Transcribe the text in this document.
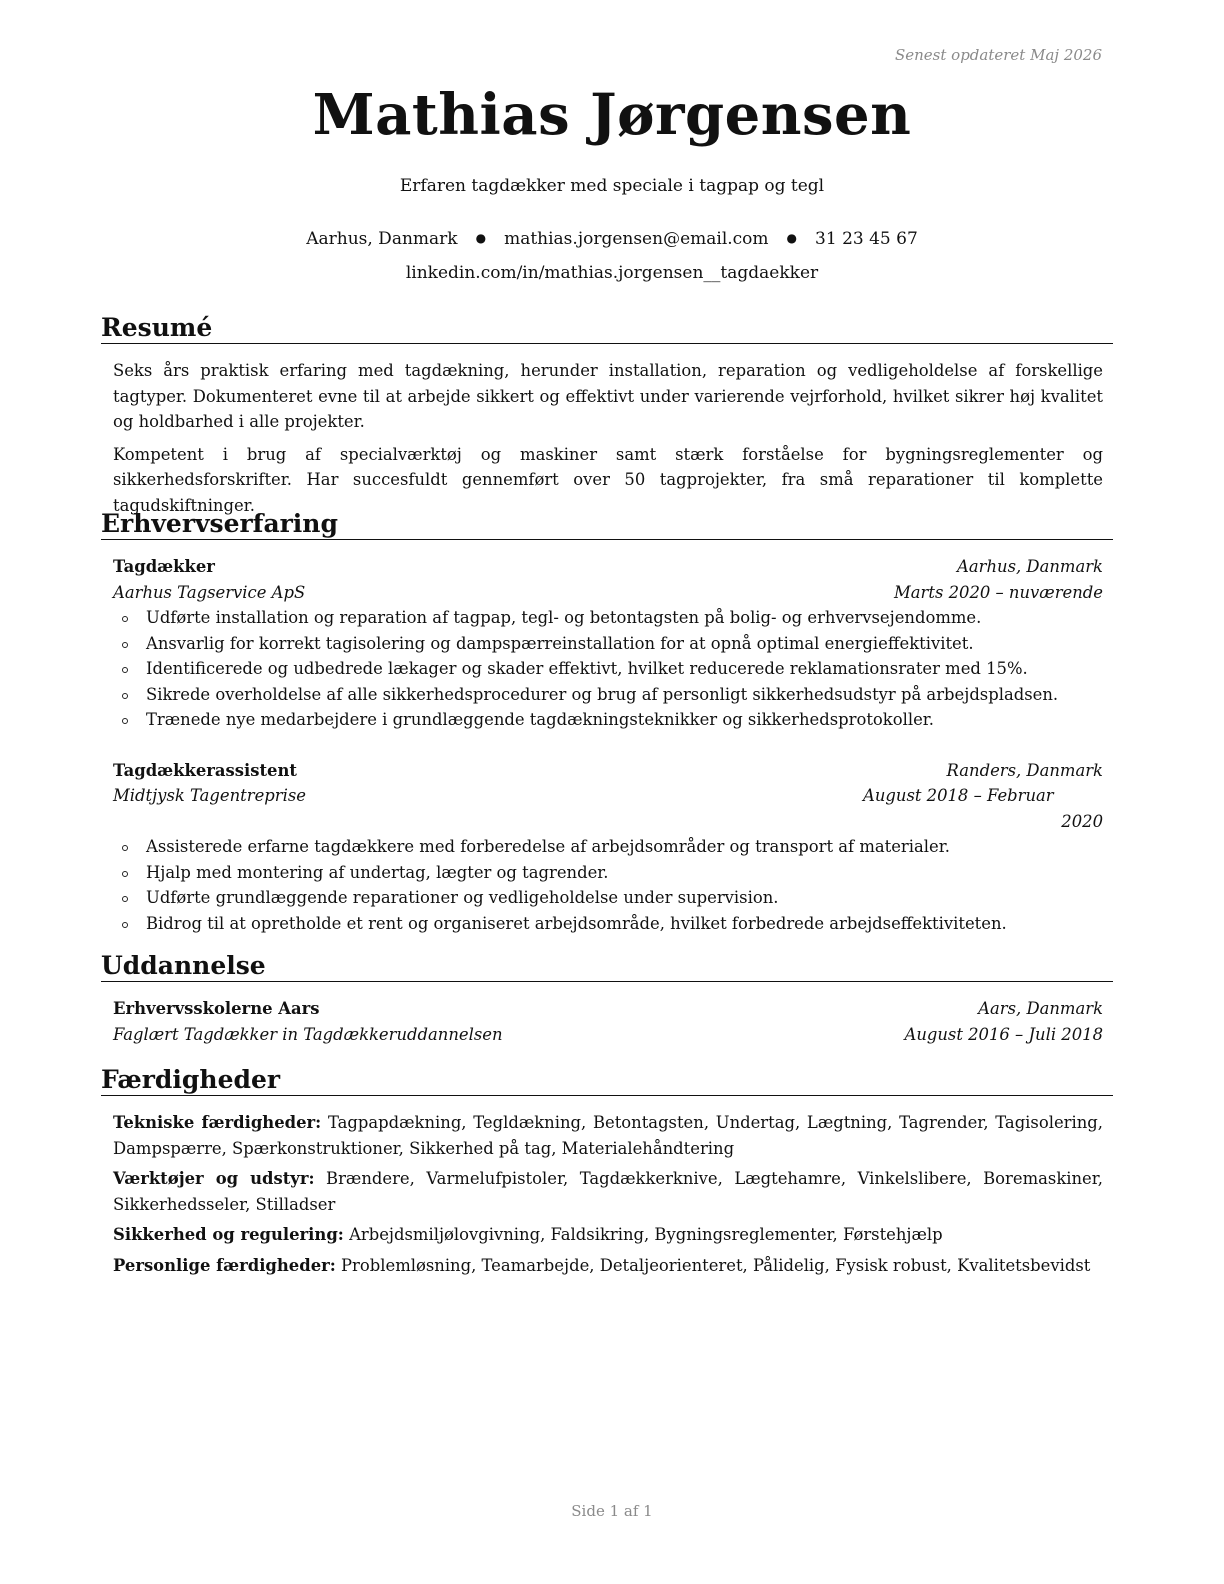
Senest opdateret Maj 2026
Mathias Jørgensen
Erfaren tagdækker med speciale i tagpap og tegl
Aarhus, Danmark ● mathias.jorgensen@email.com ● 31 23 45 67
linkedin.com/in/mathias.jorgensen__tagdaekker
Resumé

Seks års praktisk erfaring med tagdækning, herunder installation, reparation og vedligeholdelse af forskellige tagtyper. Dokumenteret evne til at arbejde sikkert og effektivt under varierende vejrforhold, hvilket sikrer høj kvalitet og holdbarhed i alle projekter.

Kompetent i brug af specialværktøj og maskiner samt stærk forståelse for bygningsreglementer og sikkerhedsforskrifter. Har succesfuldt gennemført over 50 tagprojekter, fra små reparationer til komplette tagudskiftninger.

Erhvervserfaring
Tagdækker	Aarhus, Danmark
Aarhus Tagservice ApS	Marts 2020 – nuværende
Udførte installation og reparation af tagpap, tegl- og betontagsten på bolig- og erhvervsejendomme.
Ansvarlig for korrekt tagisolering og dampspærreinstallation for at opnå optimal energieffektivitet.
Identificerede og udbedrede lækager og skader effektivt, hvilket reducerede reklamationsrater med 15%.
Sikrede overholdelse af alle sikkerhedsprocedurer og brug af personligt sikkerhedsudstyr på arbejdspladsen.
Trænede nye medarbejdere i grundlæggende tagdækningsteknikker og sikkerhedsprotokoller.
Tagdækkerassistent	Randers, Danmark
Midtjysk Tagentreprise	August 2018 – Februar
2020
Assisterede erfarne tagdækkere med forberedelse af arbejdsområder og transport af materialer.
Hjalp med montering af undertag, lægter og tagrender.
Udførte grundlæggende reparationer og vedligeholdelse under supervision.
Bidrog til at opretholde et rent og organiseret arbejdsområde, hvilket forbedrede arbejdseffektiviteten.
Uddannelse
Erhvervsskolerne Aars	Aars, Danmark
Faglært Tagdækker in Tagdækkeruddannelsen	August 2016 – Juli 2018
Færdigheder

Tekniske færdigheder: Tagpapdækning, Tegldækning, Betontagsten, Undertag, Lægtning, Tagrender, Tagisolering, Dampspærre, Spærkonstruktioner, Sikkerhed på tag, Materialehåndtering

Værktøjer og udstyr: Brændere, Varmelufpistoler, Tagdækkerknive, Lægtehamre, Vinkelslibere, Boremaskiner, Sikkerhedsseler, Stilladser

Sikkerhed og regulering: Arbejdsmiljølovgivning, Faldsikring, Bygningsreglementer, Førstehjælp

Personlige færdigheder: Problemløsning, Teamarbejde, Detaljeorienteret, Pålidelig, Fysisk robust, Kvalitetsbevidst

Side 1 af 1
